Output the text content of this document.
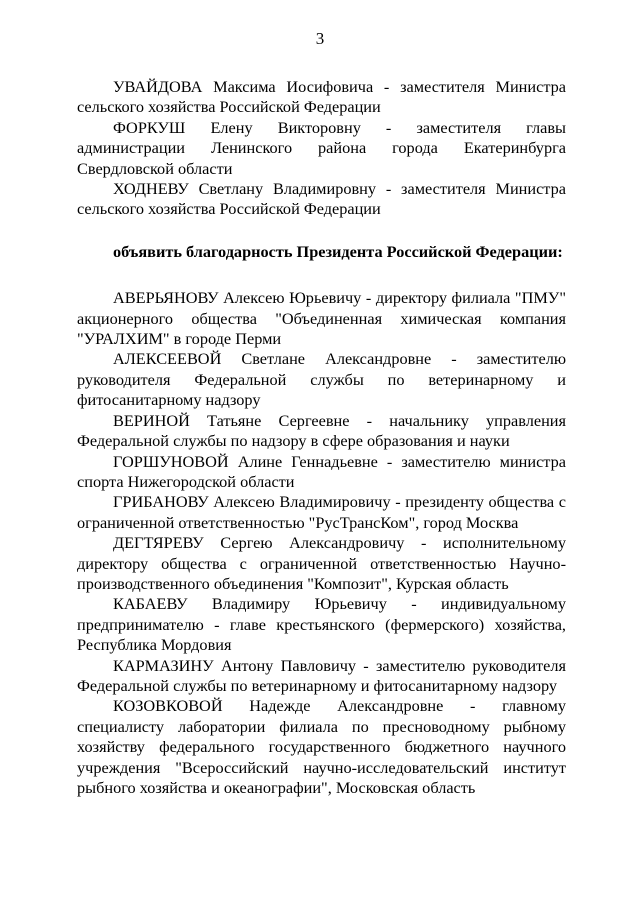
3

УВАЙДОВА Максима Иосифовича - заместителя Министра сельского хозяйства Российской Федерации

ФОРКУШ Елену Викторовну - заместителя главы администрации Ленинского района города Екатеринбурга Свердловской области

ХОДНЕВУ Светлану Владимировну - заместителя Министра сельского хозяйства Российской Федерации

объявить благодарность Президента Российской Федерации:

АВЕРЬЯНОВУ Алексею Юрьевичу - директору филиала "ПМУ" акционерного общества "Объединенная химическая компания "УРАЛХИМ" в городе Перми

АЛЕКСЕЕВОЙ Светлане Александровне - заместителю руководителя Федеральной службы по ветеринарному и фитосанитарному надзору

ВЕРИНОЙ Татьяне Сергеевне - начальнику управления Федеральной службы по надзору в сфере образования и науки

ГОРШУНОВОЙ Алине Геннадьевне - заместителю министра спорта Нижегородской области

ГРИБАНОВУ Алексею Владимировичу - президенту общества с ограниченной ответственностью "РусТрансКом", город Москва

ДЕГТЯРЕВУ Сергею Александровичу - исполнительному директору общества с ограниченной ответственностью Научно-производственного объединения "Композит", Курская область

КАБАЕВУ Владимиру Юрьевичу - индивидуальному предпринимателю - главе крестьянского (фермерского) хозяйства, Республика Мордовия

КАРМАЗИНУ Антону Павловичу - заместителю руководителя Федеральной службы по ветеринарному и фитосанитарному надзору

КОЗОВКОВОЙ Надежде Александровне - главному специалисту лаборатории филиала по пресноводному рыбному хозяйству федерального государственного бюджетного научного учреждения "Всероссийский научно-исследовательский институт рыбного хозяйства и океанографии", Московская область
